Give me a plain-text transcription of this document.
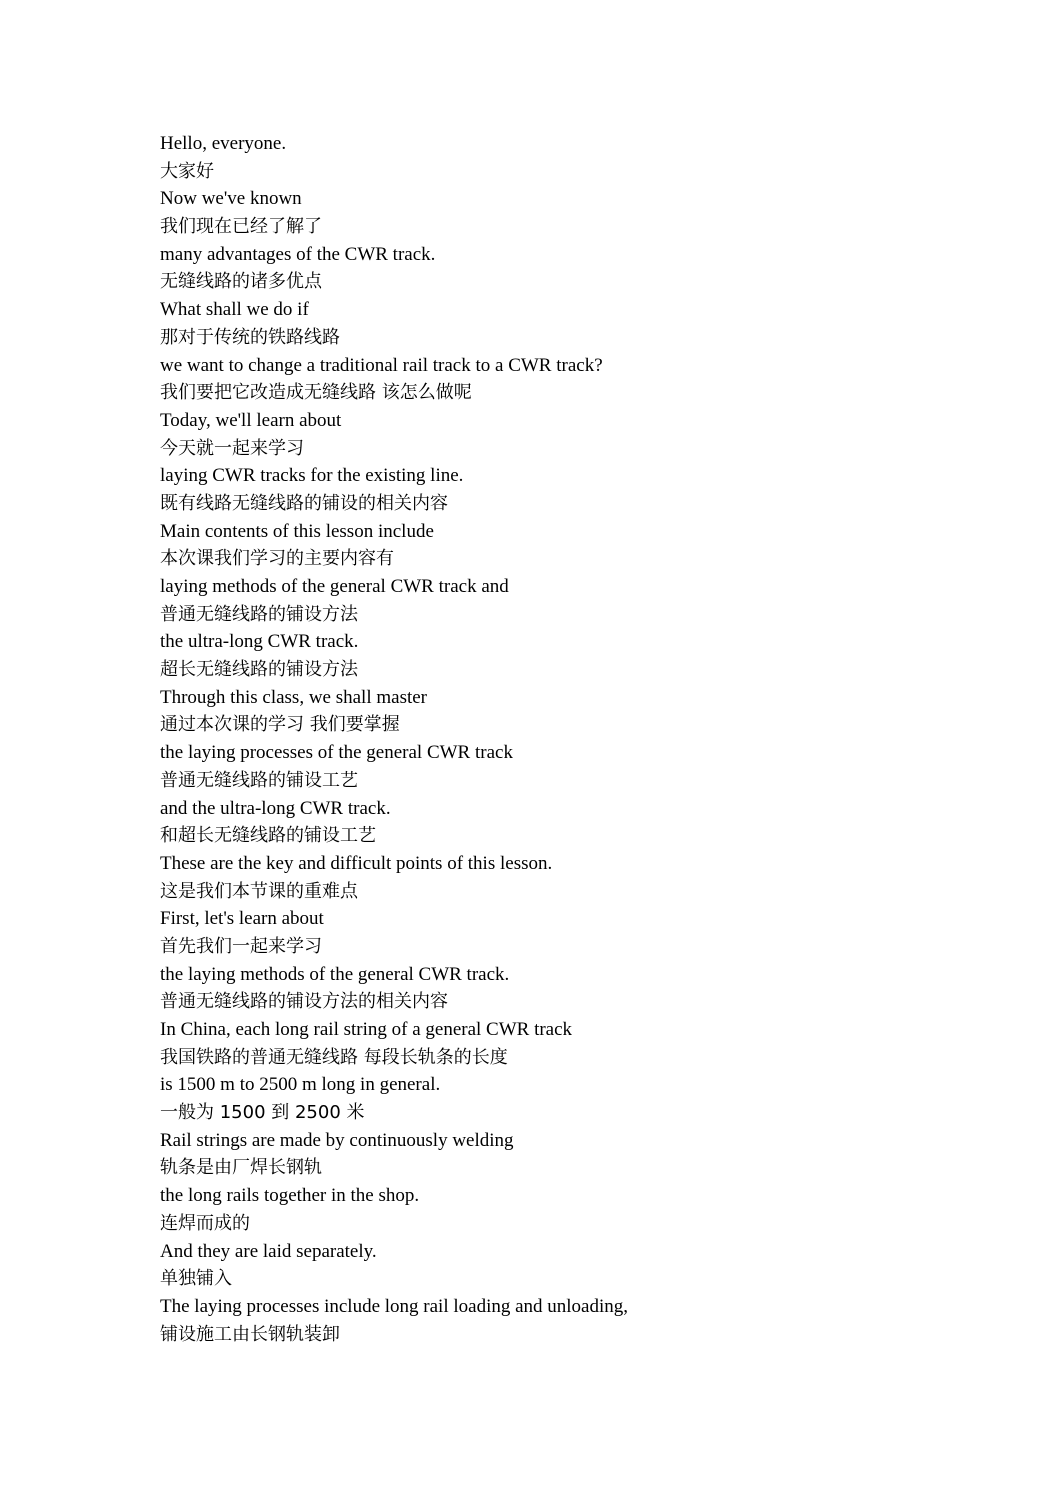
Hello, everyone.
大家好
Now we've known
我们现在已经了解了
many advantages of the CWR track.
无缝线路的诸多优点
What shall we do if
那对于传统的铁路线路
we want to change a traditional rail track to a CWR track?
我们要把它改造成无缝线路 该怎么做呢
Today, we'll learn about
今天就一起来学习
laying CWR tracks for the existing line.
既有线路无缝线路的铺设的相关内容
Main contents of this lesson include
本次课我们学习的主要内容有
laying methods of the general CWR track and
普通无缝线路的铺设方法
the ultra-long CWR track.
超长无缝线路的铺设方法
Through this class, we shall master
通过本次课的学习 我们要掌握
the laying processes of the general CWR track
普通无缝线路的铺设工艺
and the ultra-long CWR track.
和超长无缝线路的铺设工艺
These are the key and difficult points of this lesson.
这是我们本节课的重难点
First, let's learn about
首先我们一起来学习
the laying methods of the general CWR track.
普通无缝线路的铺设方法的相关内容
In China, each long rail string of a general CWR track
我国铁路的普通无缝线路 每段长轨条的长度
is 1500 m to 2500 m long in general.
一般为 1500 到 2500 米
Rail strings are made by continuously welding
轨条是由厂焊长钢轨
the long rails together in the shop.
连焊而成的
And they are laid separately.
单独铺入
The laying processes include long rail loading and unloading,
铺设施工由长钢轨装卸
